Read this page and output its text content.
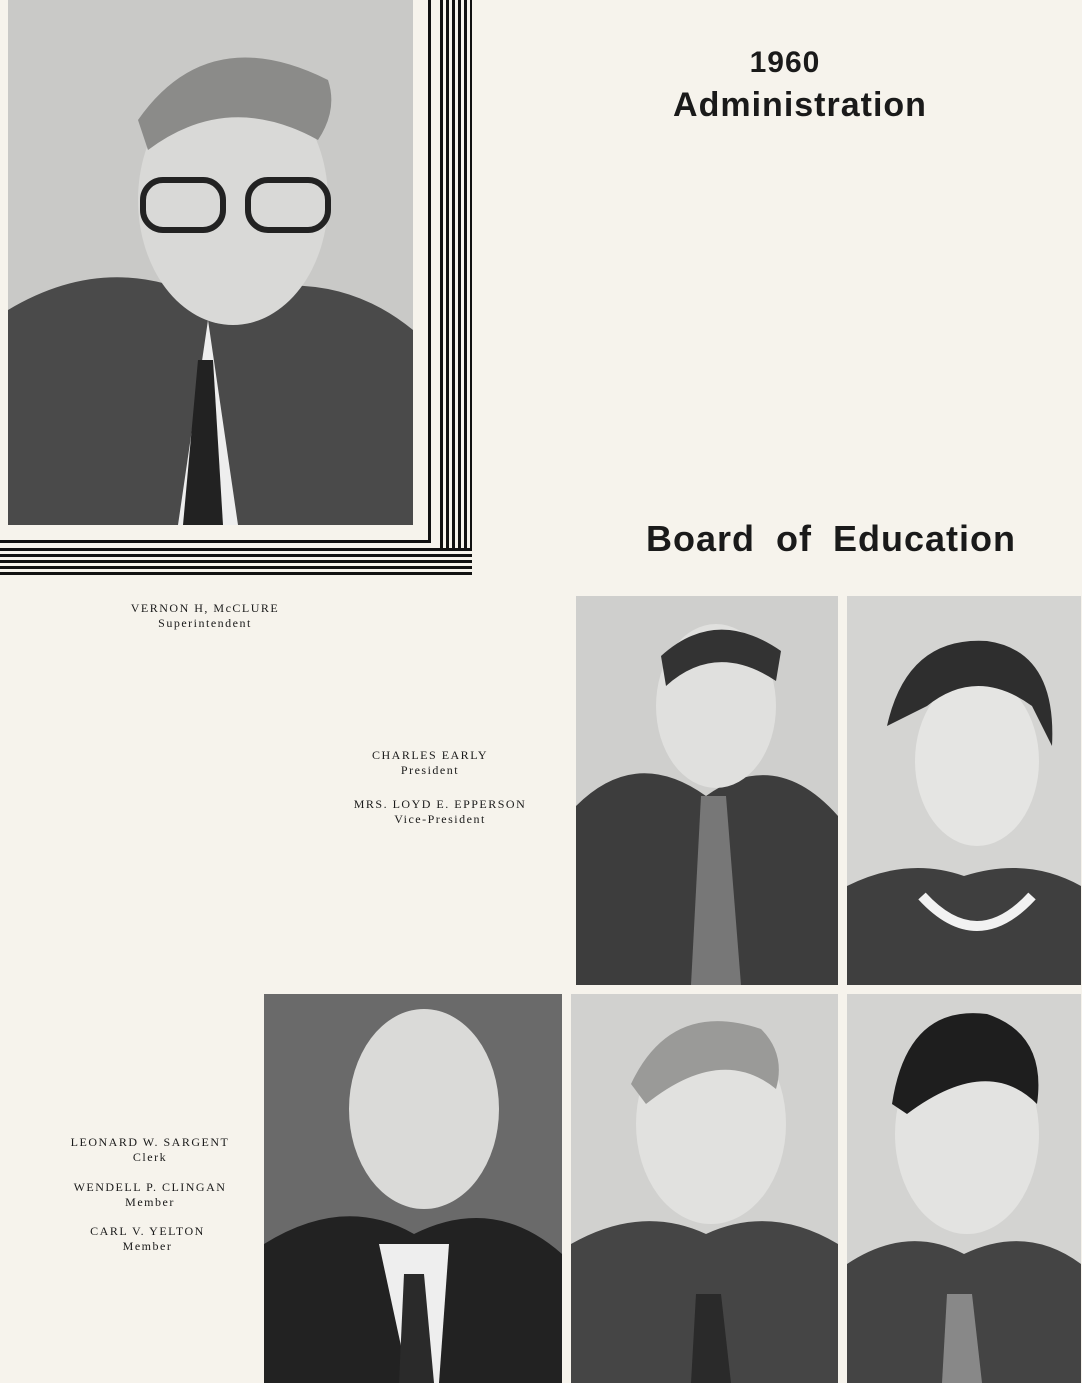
1960
Administration
Board of Education
VERNON H, McCLURE
Superintendent
CHARLES EARLY
President
MRS. LOYD E. EPPERSON
Vice-President
LEONARD W. SARGENT
Clerk
WENDELL P. CLINGAN
Member
CARL V. YELTON
Member
